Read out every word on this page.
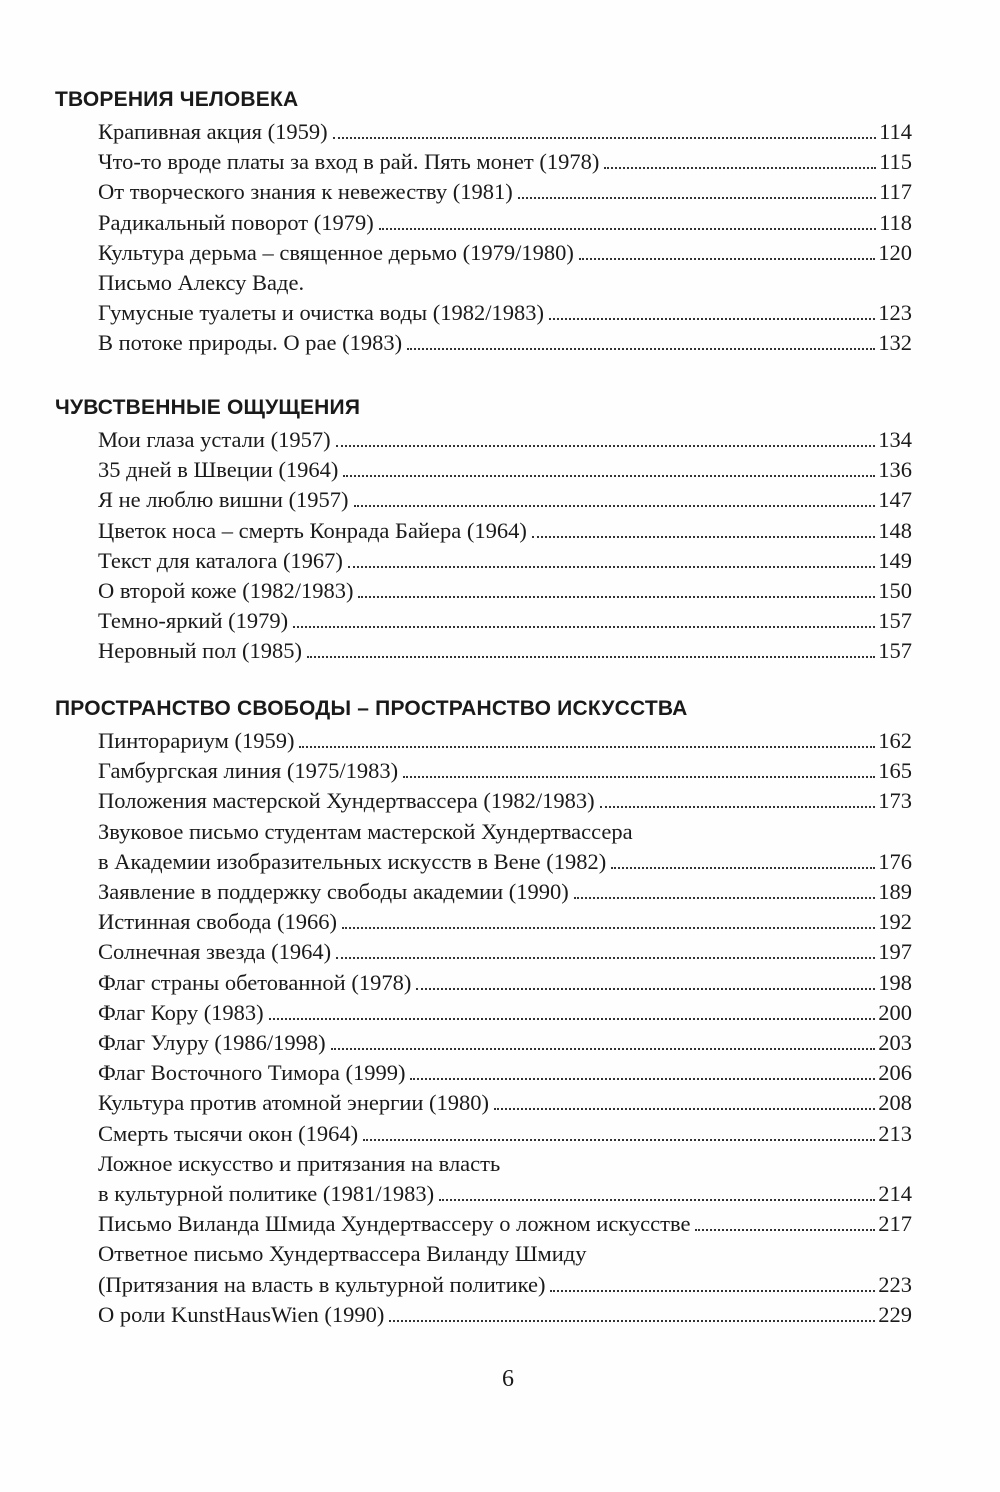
ТВОРЕНИЯ ЧЕЛОВЕКА
Крапивная акция (1959)	114
Что-то вроде платы за вход в рай. Пять монет (1978)	115
От творческого знания к невежеству (1981)	117
Радикальный поворот (1979)	118
Культура дерьма – священное дерьмо (1979/1980)	120
Письмо Алексу Ваде.
Гумусные туалеты и очистка воды (1982/1983)	123
В потоке природы. О рае (1983)	132
ЧУВСТВЕННЫЕ ОЩУЩЕНИЯ
Мои глаза устали (1957)	134
35 дней в Швеции (1964)	136
Я не люблю вишни (1957)	147
Цветок носа – смерть Конрада Байера (1964)	148
Текст для каталога (1967)	149
О второй коже (1982/1983)	150
Темно-яркий (1979)	157
Неровный пол (1985)	157
ПРОСТРАНСТВО СВОБОДЫ – ПРОСТРАНСТВО ИСКУССТВА
Пинторариум (1959)	162
Гамбургская линия (1975/1983)	165
Положения мастерской Хундертвассера (1982/1983)	173
Звуковое письмо студентам мастерской Хундертвассера
в Академии изобразительных искусств в Вене (1982)	176
Заявление в поддержку свободы академии (1990)	189
Истинная свобода (1966)	192
Солнечная звезда (1964)	197
Флаг страны обетованной (1978)	198
Флаг Кору (1983)	200
Флаг Улуру (1986/1998)	203
Флаг Восточного Тимора (1999)	206
Культура против атомной энергии (1980)	208
Смерть тысячи окон (1964)	213
Ложное искусство и притязания на власть
в культурной политике (1981/1983)	214
Письмо Виланда Шмида Хундертвассеру о ложном искусстве	217
Ответное письмо Хундертвассера Виланду Шмиду
(Притязания на власть в культурной политике)	223
О роли KunstHausWien (1990)	229
6
